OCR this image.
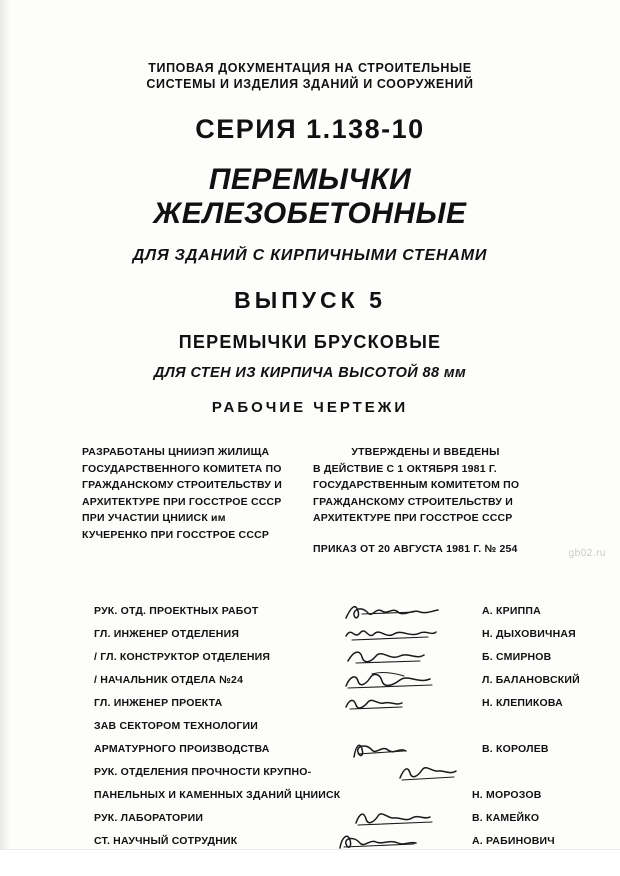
ТИПОВАЯ ДОКУМЕНТАЦИЯ НА СТРОИТЕЛЬНЫЕ
СИСТЕМЫ И ИЗДЕЛИЯ ЗДАНИЙ И СООРУЖЕНИЙ
СЕРИЯ 1.138-10
ПЕРЕМЫЧКИ ЖЕЛЕЗОБЕТОННЫЕ
ДЛЯ ЗДАНИЙ С КИРПИЧНЫМИ СТЕНАМИ
ВЫПУСК 5
ПЕРЕМЫЧКИ БРУСКОВЫЕ
ДЛЯ СТЕН ИЗ КИРПИЧА ВЫСОТОЙ 88 мм
РАБОЧИЕ ЧЕРТЕЖИ
РАЗРАБОТАНЫ ЦНИИЭП ЖИЛИЩА
ГОСУДАРСТВЕННОГО КОМИТЕТА ПО
ГРАЖДАНСКОМУ СТРОИТЕЛЬСТВУ И
АРХИТЕКТУРЕ ПРИ ГОССТРОЕ СССР
ПРИ УЧАСТИИ ЦНИИСК им
КУЧЕРЕНКО ПРИ ГОССТРОЕ СССР
УТВЕРЖДЕНЫ И ВВЕДЕНЫ
В ДЕЙСТВИЕ С 1 ОКТЯБРЯ 1981 Г.
ГОСУДАРСТВЕННЫМ КОМИТЕТОМ ПО
ГРАЖДАНСКОМУ СТРОИТЕЛЬСТВУ И
АРХИТЕКТУРЕ ПРИ ГОССТРОЕ СССР
ПРИКАЗ ОТ 20 АВГУСТА 1981 Г. № 254
РУК. ОТД. ПРОЕКТНЫХ РАБОТ	А. КРИППА
ГЛ. ИНЖЕНЕР ОТДЕЛЕНИЯ	Н. ДЫХОВИЧНАЯ
/ ГЛ. КОНСТРУКТОР ОТДЕЛЕНИЯ	Б. СМИРНОВ
/ НАЧАЛЬНИК ОТДЕЛА №24	Л. БАЛАНОВСКИЙ
ГЛ. ИНЖЕНЕР ПРОЕКТА	Н. КЛЕПИКОВА
ЗАВ СЕКТОРОМ ТЕХНОЛОГИИ
АРМАТУРНОГО ПРОИЗВОДСТВА	В. КОРОЛЕВ
РУК. ОТДЕЛЕНИЯ ПРОЧНОСТИ КРУПНО-
ПАНЕЛЬНЫХ И КАМЕННЫХ ЗДАНИЙ ЦНИИСК	Н. МОРОЗОВ
РУК. ЛАБОРАТОРИИ	В. КАМЕЙКО
СТ. НАУЧНЫЙ СОТРУДНИК	А. РАБИНОВИЧ
gb02.ru
